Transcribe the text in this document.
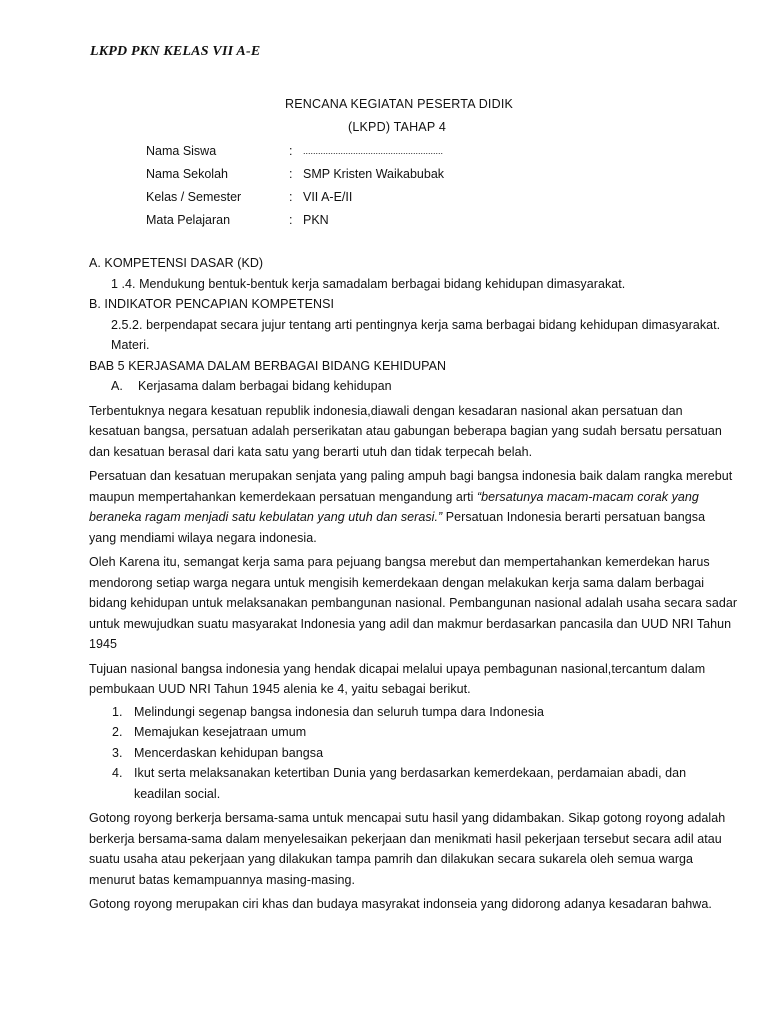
LKPD PKN KELAS VII A-E
RENCANA KEGIATAN PESERTA DIDIK
(LKPD) TAHAP 4
Nama Siswa	:	........................................................
Nama Sekolah	: SMP Kristen Waikabubak
Kelas / Semester	: VII A-E/II
Mata Pelajaran	: PKN
A. KOMPETENSI DASAR (KD)
1 .4. Mendukung bentuk-bentuk kerja samadalam berbagai bidang kehidupan dimasyarakat.
B. INDIKATOR PENCAPIAN KOMPETENSI
2.5.2. berpendapat secara jujur tentang arti pentingnya kerja sama berbagai bidang kehidupan dimasyarakat.
Materi.
BAB 5 KERJASAMA DALAM BERBAGAI BIDANG KEHIDUPAN
A.	Kerjasama dalam berbagai bidang kehidupan
Terbentuknya negara kesatuan republik indonesia,diawali dengan kesadaran nasional akan persatuan dan
kesatuan bangsa, persatuan adalah perserikatan atau gabungan beberapa bagian yang sudah bersatu persatuan
dan kesatuan berasal dari kata satu yang berarti utuh dan tidak terpecah belah.
Persatuan dan kesatuan merupakan senjata yang paling ampuh bagi bangsa indonesia baik dalam rangka merebut
maupun mempertahankan kemerdekaan persatuan mengandung arti “bersatunya macam-macam corak yang
beraneka ragam menjadi satu kebulatan yang utuh dan serasi.” Persatuan Indonesia berarti persatuan bangsa
yang mendiami wilaya negara indonesia.
Oleh Karena itu, semangat kerja sama para pejuang bangsa merebut dan mempertahankan kemerdekan harus
mendorong setiap warga negara untuk mengisih kemerdekaan dengan melakukan kerja sama dalam berbagai
bidang kehidupan untuk melaksanakan pembangunan nasional. Pembangunan nasional adalah usaha secara sadar
untuk mewujudkan suatu masyarakat Indonesia yang adil dan makmur berdasarkan pancasila dan UUD NRI Tahun
1945
Tujuan nasional bangsa indonesia yang hendak dicapai melalui upaya pembagunan nasional,tercantum dalam
pembukaan UUD NRI Tahun 1945 alenia ke 4, yaitu sebagai berikut.
1. Melindungi segenap bangsa indonesia dan seluruh tumpa dara Indonesia
2. Memajukan kesejatraan umum
3. Mencerdaskan kehidupan bangsa
4. Ikut serta melaksanakan ketertiban Dunia yang berdasarkan kemerdekaan, perdamaian abadi, dan
keadilan social.
Gotong royong berkerja bersama-sama untuk mencapai sutu hasil yang didambakan. Sikap gotong royong adalah
berkerja bersama-sama dalam menyelesaikan pekerjaan dan menikmati hasil pekerjaan tersebut secara adil atau
suatu usaha atau pekerjaan yang dilakukan tampa pamrih dan dilakukan secara sukarela oleh semua warga
menurut batas kemampuannya masing-masing.
Gotong royong merupakan ciri khas dan budaya masyrakat indonseia yang didorong adanya kesadaran bahwa.
